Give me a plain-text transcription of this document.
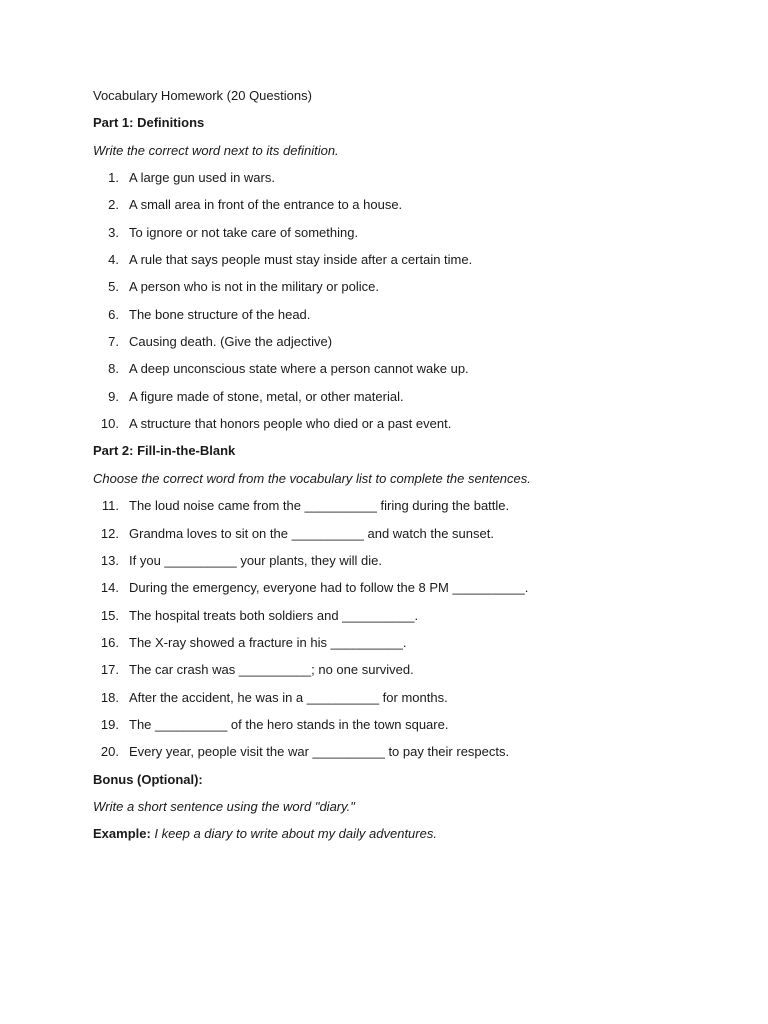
Vocabulary Homework (20 Questions)
Part 1: Definitions
Write the correct word next to its definition.
1. A large gun used in wars.
2. A small area in front of the entrance to a house.
3. To ignore or not take care of something.
4. A rule that says people must stay inside after a certain time.
5. A person who is not in the military or police.
6. The bone structure of the head.
7. Causing death. (Give the adjective)
8. A deep unconscious state where a person cannot wake up.
9. A figure made of stone, metal, or other material.
10. A structure that honors people who died or a past event.
Part 2: Fill-in-the-Blank
Choose the correct word from the vocabulary list to complete the sentences.
11. The loud noise came from the __________ firing during the battle.
12. Grandma loves to sit on the __________ and watch the sunset.
13. If you __________ your plants, they will die.
14. During the emergency, everyone had to follow the 8 PM __________.
15. The hospital treats both soldiers and __________.
16. The X-ray showed a fracture in his __________.
17. The car crash was __________; no one survived.
18. After the accident, he was in a __________ for months.
19. The __________ of the hero stands in the town square.
20. Every year, people visit the war __________ to pay their respects.
Bonus (Optional):
Write a short sentence using the word "diary."
Example: I keep a diary to write about my daily adventures.
